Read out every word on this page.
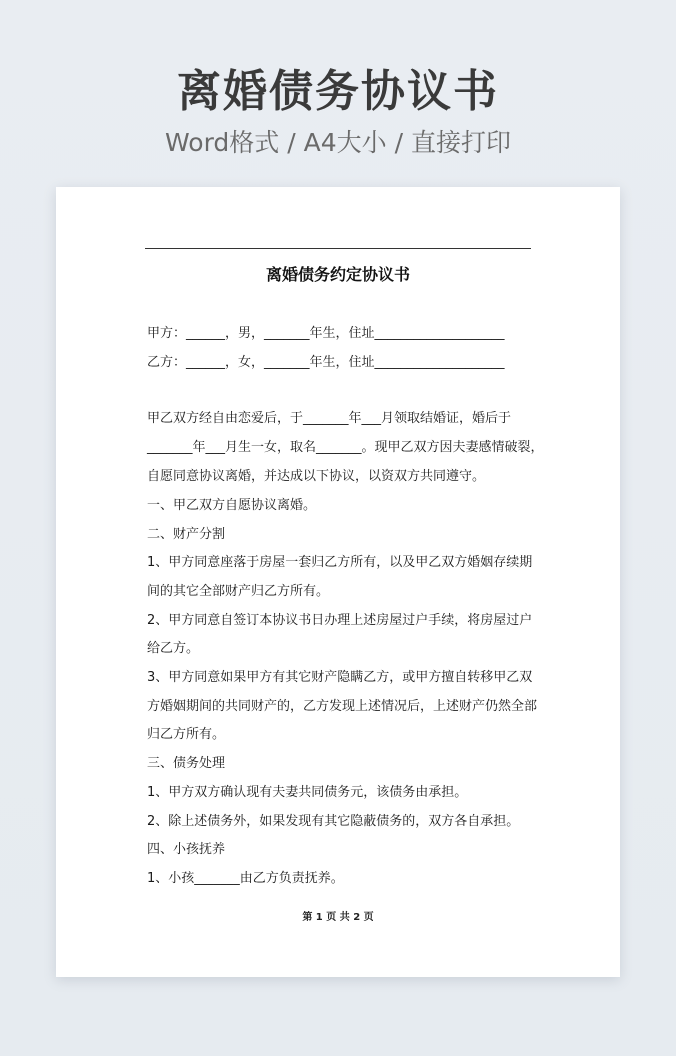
离婚债务协议书
Word格式 / A4大小 / 直接打印
离婚债务约定协议书
甲方：______，男，_______年生，住址____________________
乙方：______，女，_______年生，住址____________________
甲乙双方经自由恋爱后，于_______年___月领取结婚证，婚后于
_______年___月生一女，取名_______。现甲乙双方因夫妻感情破裂，
自愿同意协议离婚，并达成以下协议，以资双方共同遵守。
一、甲乙双方自愿协议离婚。
二、财产分割
1、甲方同意座落于房屋一套归乙方所有，以及甲乙双方婚姻存续期
间的其它全部财产归乙方所有。
2、甲方同意自签订本协议书日办理上述房屋过户手续，将房屋过户
给乙方。
3、甲方同意如果甲方有其它财产隐瞒乙方，或甲方擅自转移甲乙双
方婚姻期间的共同财产的，乙方发现上述情况后，上述财产仍然全部
归乙方所有。
三、债务处理
1、甲方双方确认现有夫妻共同债务元，该债务由承担。
2、除上述债务外，如果发现有其它隐蔽债务的，双方各自承担。
四、小孩抚养
1、小孩_______由乙方负责抚养。
第 1 页 共 2 页
